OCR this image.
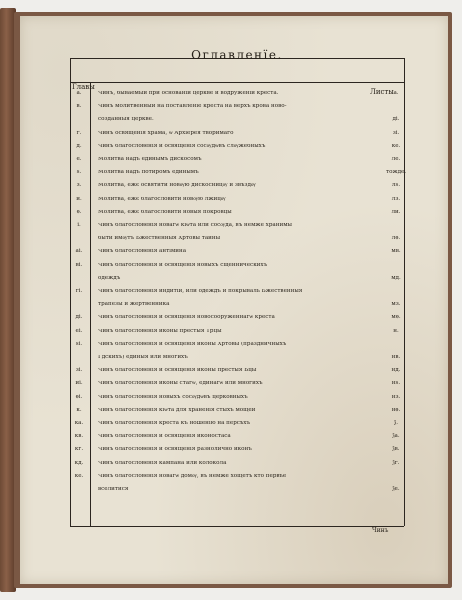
Оглавленїе.
Главы
Листы
а.	Чинъ, бываемый при основанїи церкве и водруженїи креста.	а.
в.	Чинъ молитвенный на поставленїе креста на верхъ крова ново-
созданныя церкве.	ді.
г.	Чинъ освященїя храма, ѿ Архїерея творимаго	зі.
д.	Чинъ благословенїя и освященїя сосѹдѡвъ слѹжебныхъ	ке.
е.	Молитва надъ единымъ дискосомъ	ле.
ѕ.	Молитва надъ потиромъ единымъ	тожде.
з.	Молитва, ежє освятити новѹю дискосницѹ и звѣздѹ	лѕ.
и.	Молитва, ежє благословити новѹю лжицѹ	лз.
ѳ.	Молитва, ежє благословити новыя покровцы	ли.
і.	Чинъ благословенїя новагѡ кїѡта или сосѹда, въ немже хранимы
быти имѹтъ Бжественныя Хртовы тайны	лѳ.
аі.	Чинъ благословенїя антїмина	мв.
ві.	Чинъ благословенїя и освященїя новыхъ сщенническихъ
одеждъ	мд.
гі.	Чинъ благословенїя индитїи, или одеждъ и покрываль Бжественныя
трапезы и жертвенника	мз.
ді.	Чинъ благословенїя и освященїя новосооруженнагѡ креста	мѳ.
еі.	Чинъ благословенїя иконы престыя Трцы	н.
ѕі.	Чинъ благословенїя и освященїя иконы Хртовы (праздничныхъ
Гдскихъ) единыя или многихъ	нв.
зі.	Чинъ благословенїя и освященїя иконы престыя Бцы	нд.
иі.	Чинъ благословенїя иконы стагѡ, единагѡ или многихъ	нѕ.
ѳі.	Чинъ благословенїя новыхъ сосѹдѡвъ церковныхъ	нз.
к.	Чинъ благословенїя кїѡта для храненїя стыхъ мощей	нѳ.
ка.	Чинъ благословенїя креста къ ношенїю на персѣхъ	ѯ.
кв.	Чинъ благословенїя и освященїя иконостаса	ѯа.
кг.	Чинъ благословенїя и освященїя разнолично иконъ	ѯв.
кд.	Чинъ благословенїя кампана или колокола	ѯг.
ке.	Чинъ благословенїя новагѡ домѹ, въ немже хощетъ кто первѣе
вселитися	ѯе.
Чинъ
